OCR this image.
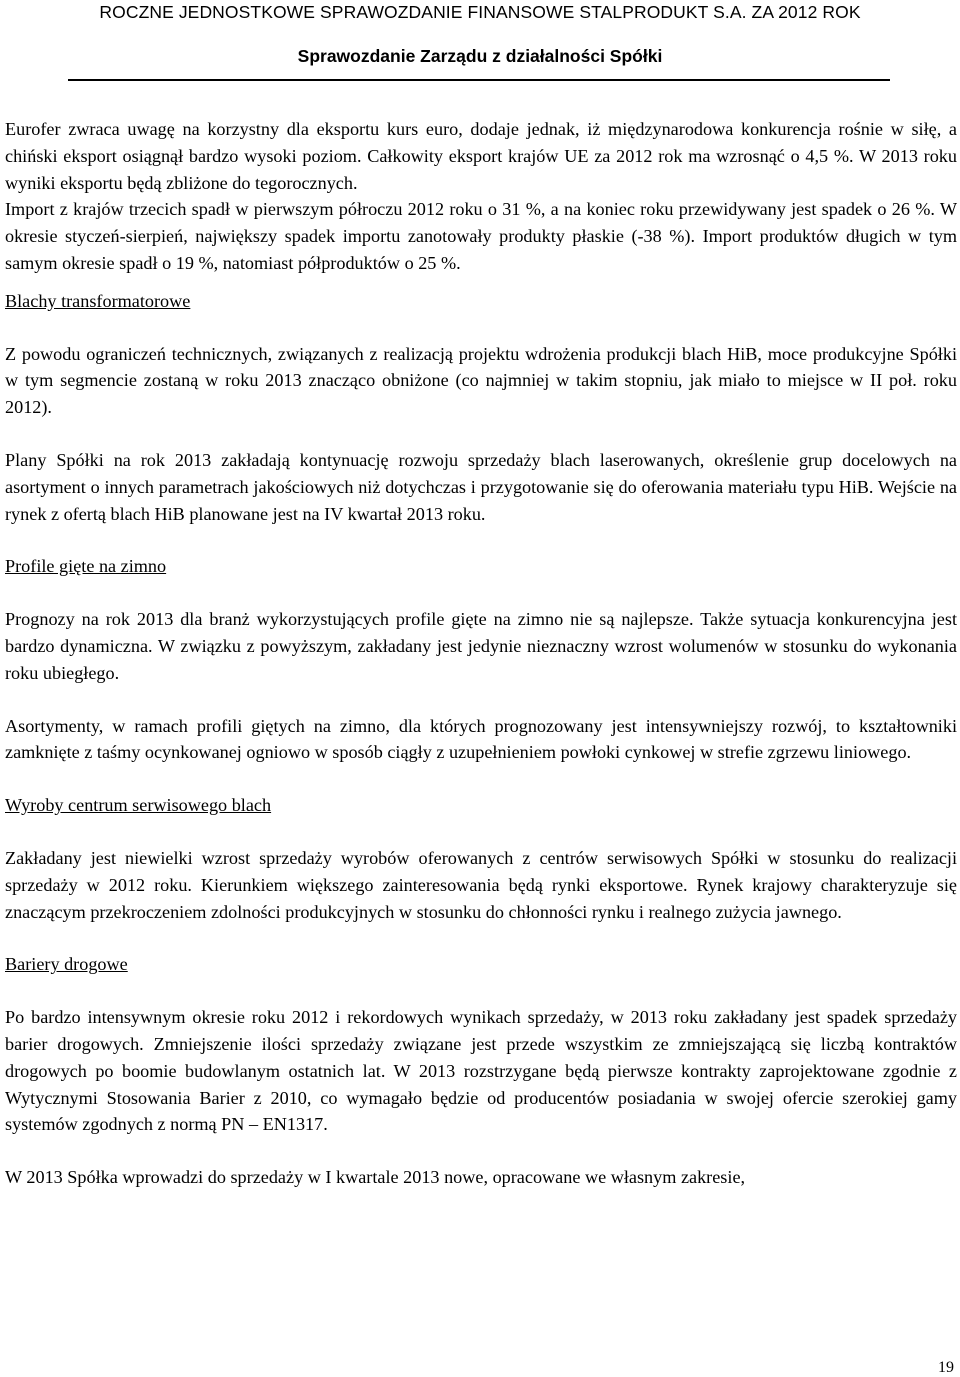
ROCZNE JEDNOSTKOWE SPRAWOZDANIE FINANSOWE STALPRODUKT S.A. ZA 2012 ROK
Sprawozdanie Zarządu z działalności Spółki

Eurofer zwraca uwagę na korzystny dla eksportu kurs euro, dodaje jednak, iż międzynarodowa konkurencja rośnie w siłę, a chiński eksport osiągnął bardzo wysoki poziom. Całkowity eksport krajów UE za 2012 rok ma wzrosnąć o 4,5 %. W 2013 roku wyniki eksportu będą zbliżone do tegorocznych.

Import z krajów trzecich spadł w pierwszym półroczu 2012 roku o 31 %, a na koniec roku przewidywany jest spadek o 26 %. W okresie styczeń-sierpień, największy spadek importu zanotowały produkty płaskie (-38 %). Import produktów długich w tym samym okresie spadł o 19 %, natomiast półproduktów o 25 %.

Blachy transformatorowe

Z powodu ograniczeń technicznych, związanych z realizacją projektu wdrożenia produkcji blach HiB, moce produkcyjne Spółki w tym segmencie zostaną w roku 2013 znacząco obniżone (co najmniej w takim stopniu, jak miało to miejsce w II poł. roku 2012).

Plany Spółki na rok 2013 zakładają kontynuację rozwoju sprzedaży blach laserowanych, określenie grup docelowych na asortyment o innych parametrach jakościowych niż dotychczas i przygotowanie się do oferowania materiału typu HiB. Wejście na rynek z ofertą blach HiB planowane jest na IV kwartał 2013 roku.

Profile gięte na zimno

Prognozy na rok 2013 dla branż wykorzystujących profile gięte na zimno nie są najlepsze. Także sytuacja konkurencyjna jest bardzo dynamiczna. W związku z powyższym, zakładany jest jedynie nieznaczny wzrost wolumenów w stosunku do wykonania roku ubiegłego.

Asortymenty, w ramach profili giętych na zimno, dla których prognozowany jest intensywniejszy rozwój, to kształtowniki zamknięte z taśmy ocynkowanej ogniowo w sposób ciągły z uzupełnieniem powłoki cynkowej w strefie zgrzewu liniowego.

Wyroby centrum serwisowego blach

Zakładany jest niewielki wzrost sprzedaży wyrobów oferowanych z centrów serwisowych Spółki w stosunku do realizacji sprzedaży w 2012 roku. Kierunkiem większego zainteresowania będą rynki eksportowe. Rynek krajowy charakteryzuje się znaczącym przekroczeniem zdolności produkcyjnych w stosunku do chłonności rynku i realnego zużycia jawnego.

Bariery drogowe

Po bardzo intensywnym okresie roku 2012 i rekordowych wynikach sprzedaży, w 2013 roku zakładany jest spadek sprzedaży barier drogowych. Zmniejszenie ilości sprzedaży związane jest przede wszystkim ze zmniejszającą się liczbą kontraktów drogowych po boomie budowlanym ostatnich lat. W 2013 rozstrzygane będą pierwsze kontrakty zaprojektowane zgodnie z Wytycznymi Stosowania Barier z 2010, co wymagało będzie od producentów posiadania w swojej ofercie szerokiej gamy systemów zgodnych z normą PN – EN1317.

W 2013 Spółka wprowadzi do sprzedaży w I kwartale 2013 nowe, opracowane we własnym zakresie,

19
